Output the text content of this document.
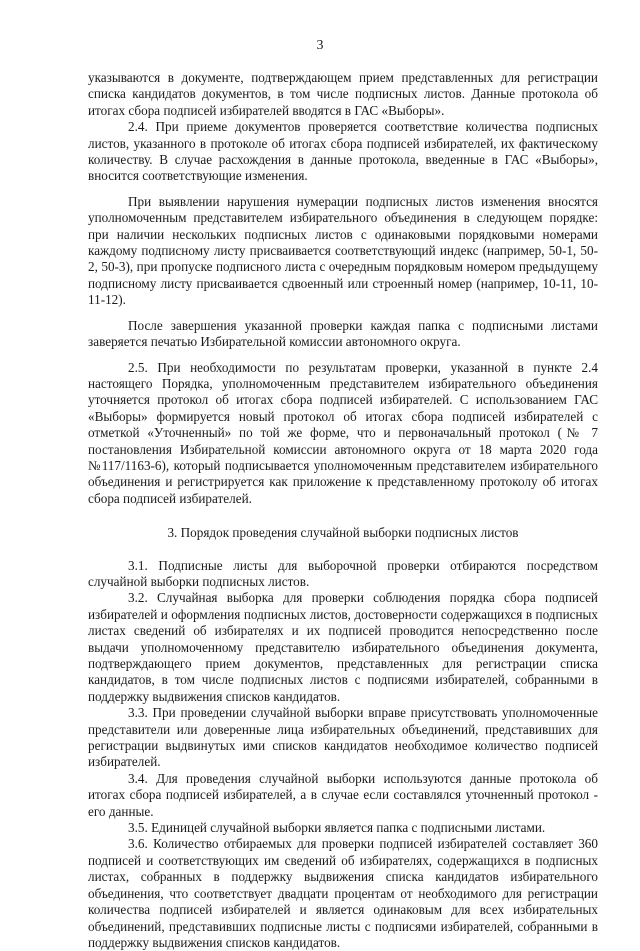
3

указываются в документе, подтверждающем прием представленных для регистрации списка кандидатов документов, в том числе подписных листов. Данные протокола об итогах сбора подписей избирателей вводятся в ГАС «Выборы».

2.4. При приеме документов проверяется соответствие количества подписных листов, указанного в протоколе об итогах сбора подписей избирателей, их фактическому количеству. В случае расхождения в данные протокола, введенные в ГАС «Выборы», вносится соответствующие изменения.

При выявлении нарушения нумерации подписных листов изменения вносятся уполномоченным представителем избирательного объединения в следующем порядке: при наличии нескольких подписных листов с одинаковыми порядковыми номерами каждому подписному листу присваивается соответствующий индекс (например, 50-1, 50-2, 50-3), при пропуске подписного листа с очередным порядковым номером предыдущему подписному листу присваивается сдвоенный или строенный номер (например, 10-11, 10-11-12).

После завершения указанной проверки каждая папка с подписными листами заверяется печатью Избирательной комиссии автономного округа.

2.5. При необходимости по результатам проверки, указанной в пункте 2.4 настоящего Порядка, уполномоченным представителем избирательного объединения уточняется протокол об итогах сбора подписей избирателей. С использованием ГАС «Выборы» формируется новый протокол об итогах сбора подписей избирателей с отметкой «Уточненный» по той же форме, что и первоначальный протокол (№ 7 постановления Избирательной комиссии автономного округа от 18 марта 2020 года №117/1163-6), который подписывается уполномоченным представителем избирательного объединения и регистрируется как приложение к представленному протоколу об итогах сбора подписей избирателей.

3. Порядок проведения случайной выборки подписных листов

3.1. Подписные листы для выборочной проверки отбираются посредством случайной выборки подписных листов.

3.2. Случайная выборка для проверки соблюдения порядка сбора подписей избирателей и оформления подписных листов, достоверности содержащихся в подписных листах сведений об избирателях и их подписей проводится непосредственно после выдачи уполномоченному представителю избирательного объединения документа, подтверждающего прием документов, представленных для регистрации списка кандидатов, в том числе подписных листов с подписями избирателей, собранными в поддержку выдвижения списков кандидатов.

3.3. При проведении случайной выборки вправе присутствовать уполномоченные представители или доверенные лица избирательных объединений, представивших для регистрации выдвинутых ими списков кандидатов необходимое количество подписей избирателей.

3.4. Для проведения случайной выборки используются данные протокола об итогах сбора подписей избирателей, а в случае если составлялся уточненный протокол - его данные.

3.5. Единицей случайной выборки является папка с подписными листами.

3.6. Количество отбираемых для проверки подписей избирателей составляет 360 подписей и соответствующих им сведений об избирателях, содержащихся в подписных листах, собранных в поддержку выдвижения списка кандидатов избирательного объединения, что соответствует двадцати процентам от необходимого для регистрации количества подписей избирателей и является одинаковым для всех избирательных объединений, представивших подписные листы с подписями избирателей, собранными в поддержку выдвижения списков кандидатов.
